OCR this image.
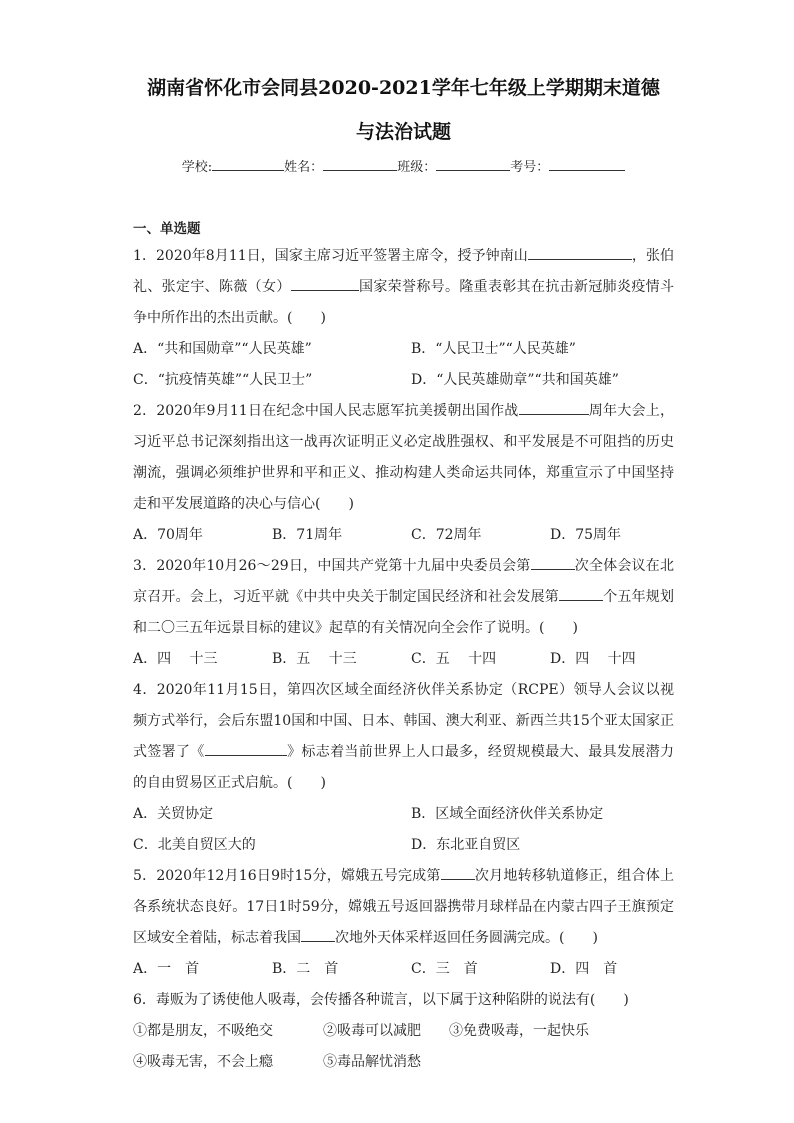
湖南省怀化市会同县2020-2021学年七年级上学期期末道德
与法治试题
学校:	姓名：	班级：	考号：
一、单选题
1．2020年8月11日，国家主席习近平签署主席令，授予钟南山	，张伯礼、张定宇、陈薇（女）	国家荣誉称号。隆重表彰其在抗击新冠肺炎疫情斗争中所作出的杰出贡献。(　　)
A．“共和国勋章”“人民英雄”	B．“人民卫士”“人民英雄”
C．“抗疫情英雄”“人民卫士”	D．“人民英雄勋章”“共和国英雄”
2．2020年9月11日在纪念中国人民志愿军抗美援朝出国作战	周年大会上，习近平总书记深刻指出这一战再次证明正义必定战胜强权、和平发展是不可阻挡的历史潮流，强调必须维护世界和平和正义、推动构建人类命运共同体，郑重宣示了中国坚持走和平发展道路的决心与信心(　　)
A．70周年	B．71周年	C．72周年	D．75周年
3．2020年10月26～29日，中国共产党第十九届中央委员会第	次全体会议在北京召开。会上，习近平就《中共中央关于制定国民经济和社会发展第	个五年规划和二〇三五年远景目标的建议》起草的有关情况向全会作了说明。(　　)
A．四　 十三	B．五　 十三	C．五　 十四	D．四　 十四
4．2020年11月15日，第四次区域全面经济伙伴关系协定（RCPE）领导人会议以视频方式举行，会后东盟10国和中国、日本、韩国、澳大利亚、新西兰共15个亚太国家正式签署了《	》标志着当前世界上人口最多，经贸规模最大、最具发展潜力的自由贸易区正式启航。(　　)
A．关贸协定	B．区域全面经济伙伴关系协定
C．北美自贸区大的	D．东北亚自贸区
5．2020年12月16日9时15分，嫦娥五号完成第 次月地转移轨道修正，组合体上各系统状态良好。17日1时59分，嫦娥五号返回器携带月球样品在内蒙古四子王旗预定区域安全着陆，标志着我国 次地外天体采样返回任务圆满完成。(　　)
A．一　首	B．二　首	C．三　首	D．四　首
6．毒贩为了诱使他人吸毒，会传播各种谎言，以下属于这种陷阱的说法有(　　)
①都是朋友，不吸绝交	②吸毒可以减肥	③免费吸毒，一起快乐
④吸毒无害，不会上瘾	⑤毒品解忧消愁
